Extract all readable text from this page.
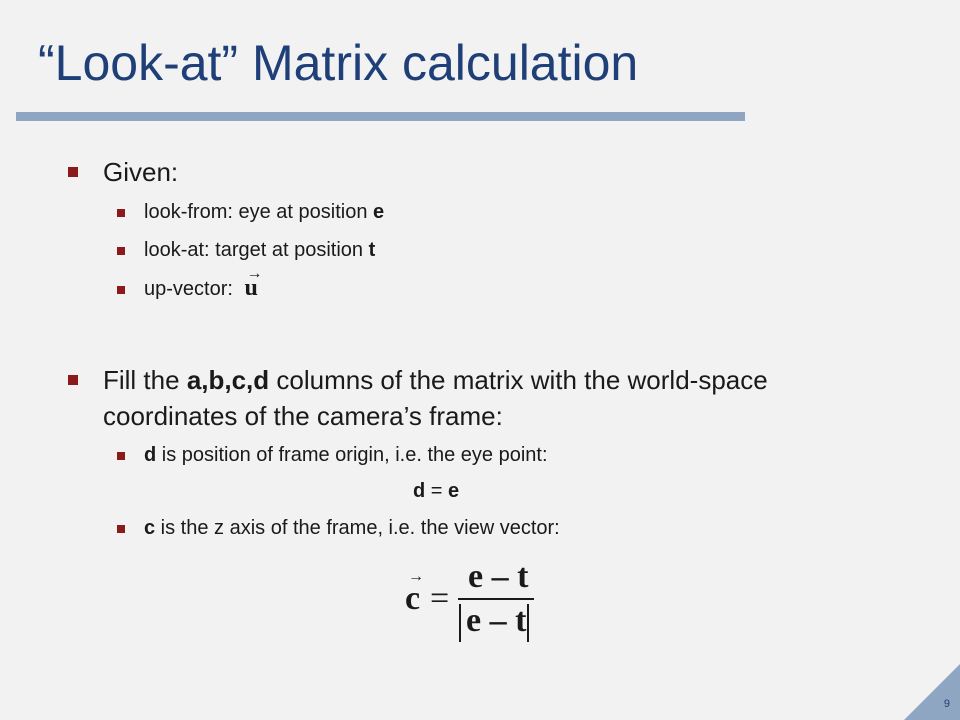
“Look-at” Matrix calculation
Given:
look-from: eye at position e
look-at: target at position t
up-vector:
→
u
Fill the a,b,c,d columns of the matrix with the world-space
coordinates of the camera’s frame:
d is position of frame origin, i.e. the eye point:
d = e
c is the z axis of the frame, i.e. the view vector:
→
c =
e – t
e – t
9
